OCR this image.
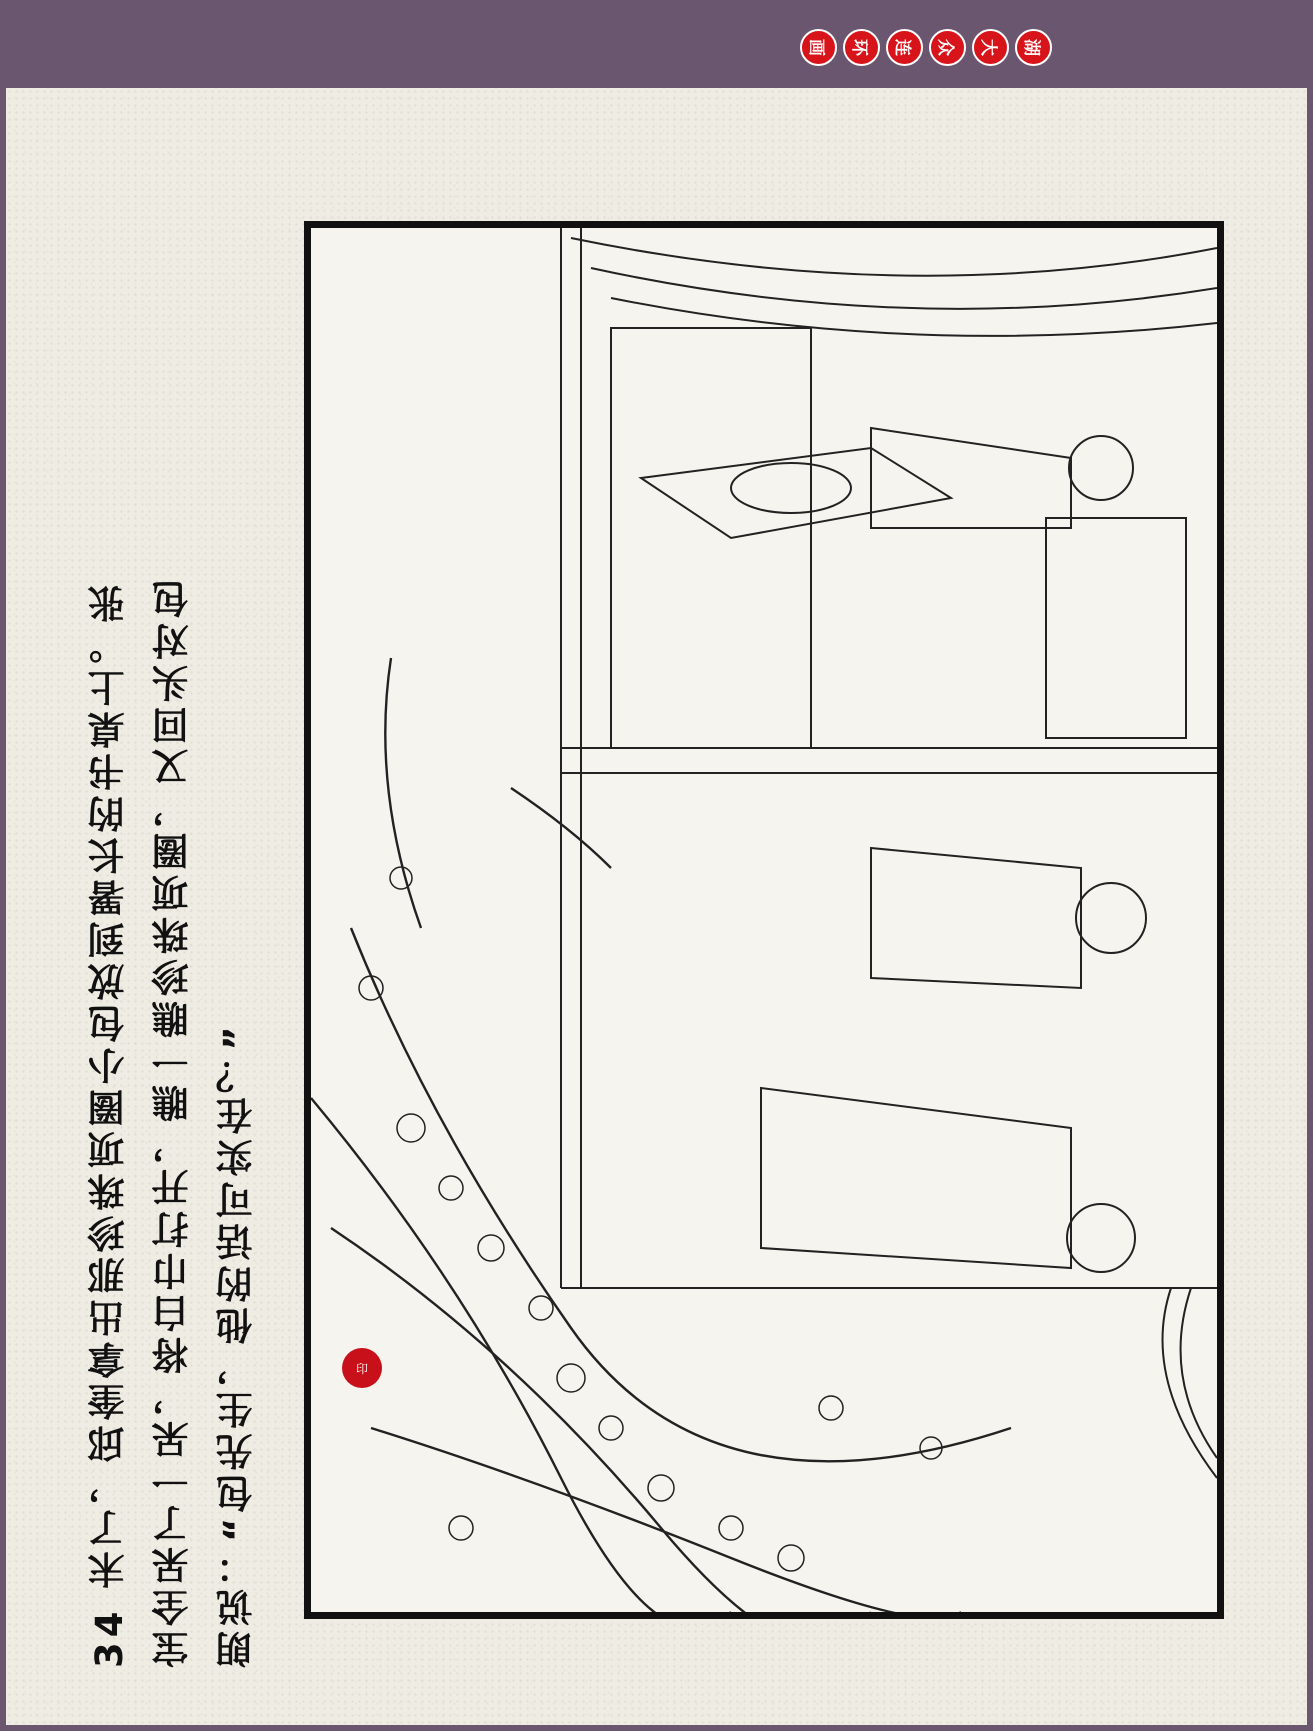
画	环	连	众	大	湖
34 末了，邱奎拿出那珍珠项圈小包放到署长的书桌上。张 宝全呆了一呆，将白巾打开，瞧一瞧珍珠项圈，又回头对包 朗说：“包先生，他的话可实在？”	印
